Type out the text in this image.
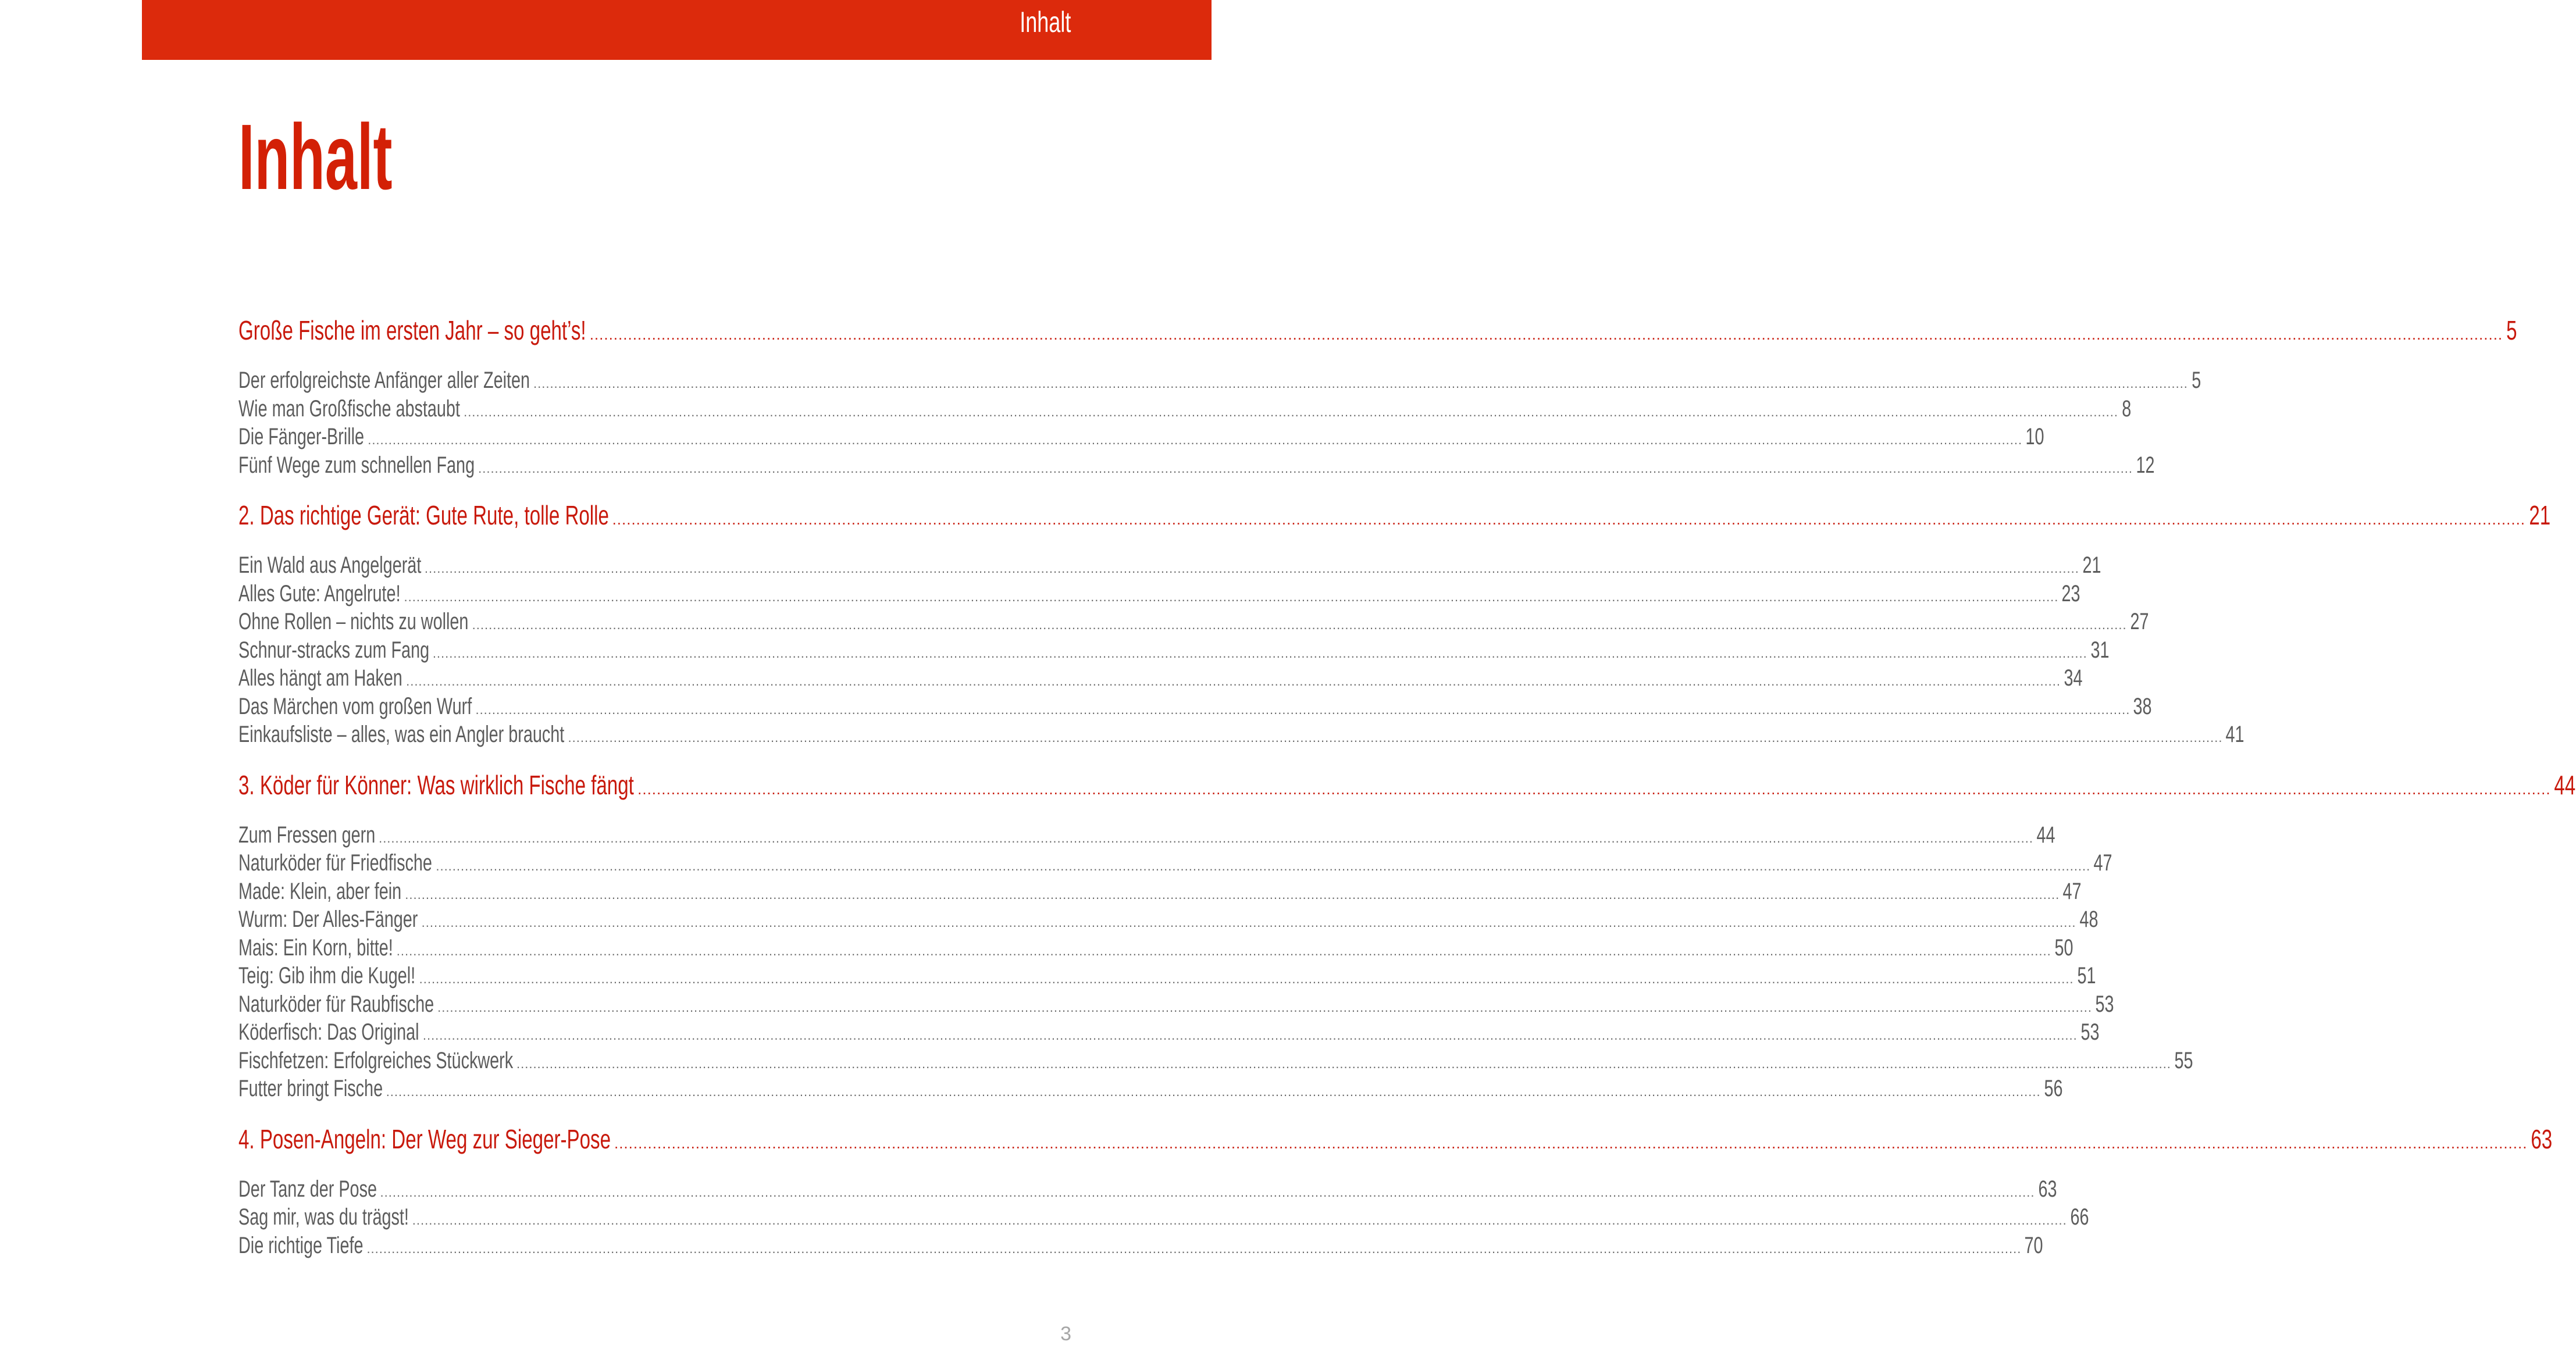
Inhalt
Inhalt
Große Fische im ersten Jahr – so geht’s! ................................................................................................................................................................................................................................................................................................................................................................................................................ 5
Der erfolgreichste Anfänger aller Zeiten ................................................................................................................................................................................................................................................................................................................................................................................................................ 5
Wie man Großfische abstaubt ................................................................................................................................................................................................................................................................................................................................................................................................................ 8
Die Fänger-Brille ................................................................................................................................................................................................................................................................................................................................................................................................................ 10
Fünf Wege zum schnellen Fang ................................................................................................................................................................................................................................................................................................................................................................................................................ 12
2. Das richtige Gerät: Gute Rute, tolle Rolle ................................................................................................................................................................................................................................................................................................................................................................................................................ 21
Ein Wald aus Angelgerät ................................................................................................................................................................................................................................................................................................................................................................................................................ 21
Alles Gute: Angelrute! ................................................................................................................................................................................................................................................................................................................................................................................................................ 23
Ohne Rollen – nichts zu wollen ................................................................................................................................................................................................................................................................................................................................................................................................................ 27
Schnur-stracks zum Fang ................................................................................................................................................................................................................................................................................................................................................................................................................ 31
Alles hängt am Haken ................................................................................................................................................................................................................................................................................................................................................................................................................ 34
Das Märchen vom großen Wurf ................................................................................................................................................................................................................................................................................................................................................................................................................ 38
Einkaufsliste – alles, was ein Angler braucht ................................................................................................................................................................................................................................................................................................................................................................................................................ 41
3. Köder für Könner: Was wirklich Fische fängt ................................................................................................................................................................................................................................................................................................................................................................................................................ 44
Zum Fressen gern ................................................................................................................................................................................................................................................................................................................................................................................................................ 44
Naturköder für Friedfische ................................................................................................................................................................................................................................................................................................................................................................................................................ 47
Made: Klein, aber fein ................................................................................................................................................................................................................................................................................................................................................................................................................ 47
Wurm: Der Alles-Fänger ................................................................................................................................................................................................................................................................................................................................................................................................................ 48
Mais: Ein Korn, bitte! ................................................................................................................................................................................................................................................................................................................................................................................................................ 50
Teig: Gib ihm die Kugel! ................................................................................................................................................................................................................................................................................................................................................................................................................ 51
Naturköder für Raubfische ................................................................................................................................................................................................................................................................................................................................................................................................................ 53
Köderfisch: Das Original ................................................................................................................................................................................................................................................................................................................................................................................................................ 53
Fischfetzen: Erfolgreiches Stückwerk ................................................................................................................................................................................................................................................................................................................................................................................................................ 55
Futter bringt Fische ................................................................................................................................................................................................................................................................................................................................................................................................................ 56
4. Posen-Angeln: Der Weg zur Sieger-Pose ................................................................................................................................................................................................................................................................................................................................................................................................................ 63
Der Tanz der Pose ................................................................................................................................................................................................................................................................................................................................................................................................................ 63
Sag mir, was du trägst! ................................................................................................................................................................................................................................................................................................................................................................................................................ 66
Die richtige Tiefe ................................................................................................................................................................................................................................................................................................................................................................................................................ 70
3
